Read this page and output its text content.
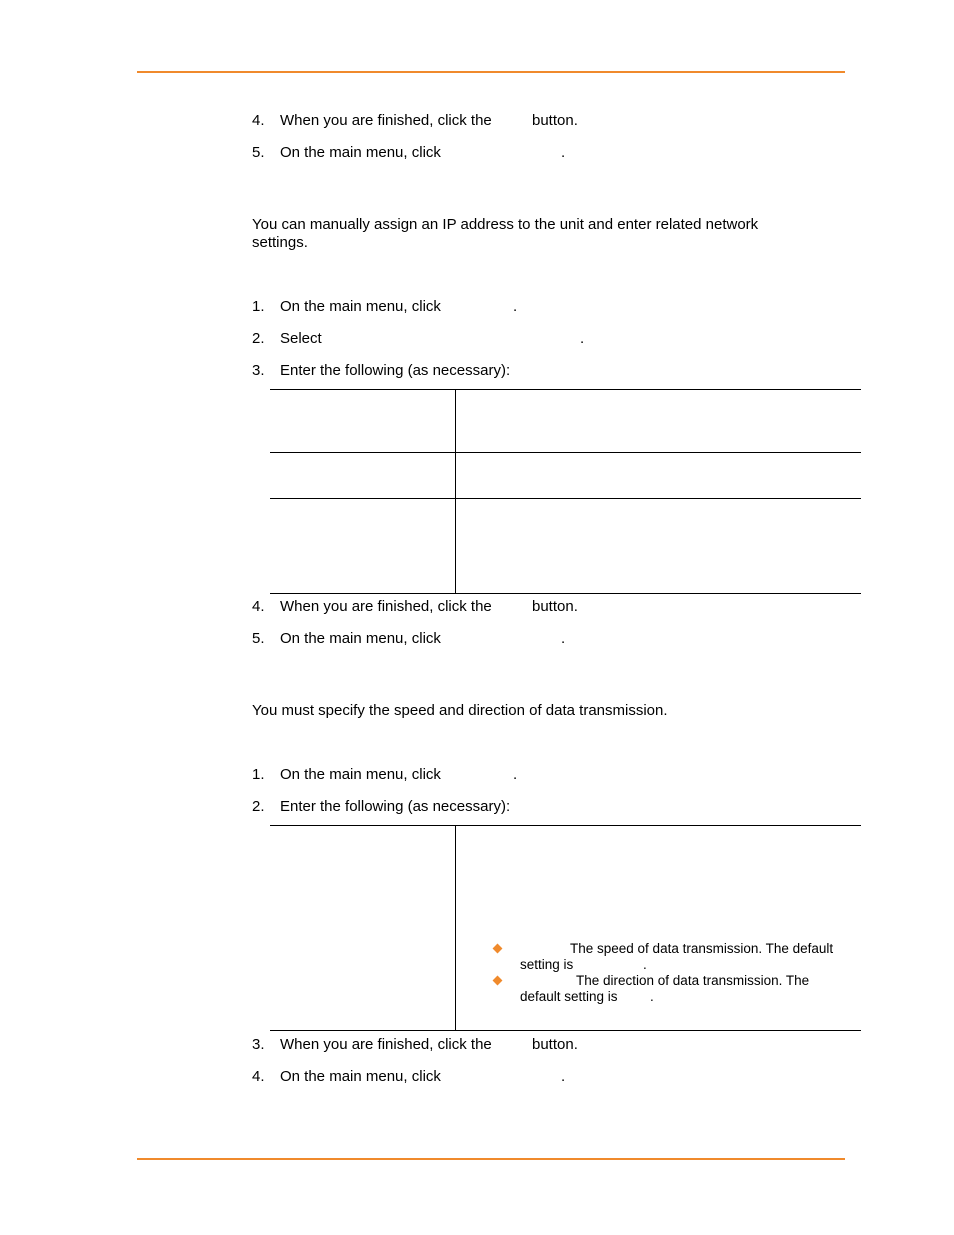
4. When you are finished, click the	button.
5. On the main menu, click	.
You can manually assign an IP address to the unit and enter related network
settings.
1. On the main menu, click	.
2. Select	.
3. Enter the following (as necessary):
4. When you are finished, click the	button.
5. On the main menu, click	.
You must specify the speed and direction of data transmission.
1. On the main menu, click	.
2. Enter the following (as necessary):
The speed of data transmission. The default
setting is	.
The direction of data transmission. The
default setting is .
3. When you are finished, click the	button.
4. On the main menu, click	.
